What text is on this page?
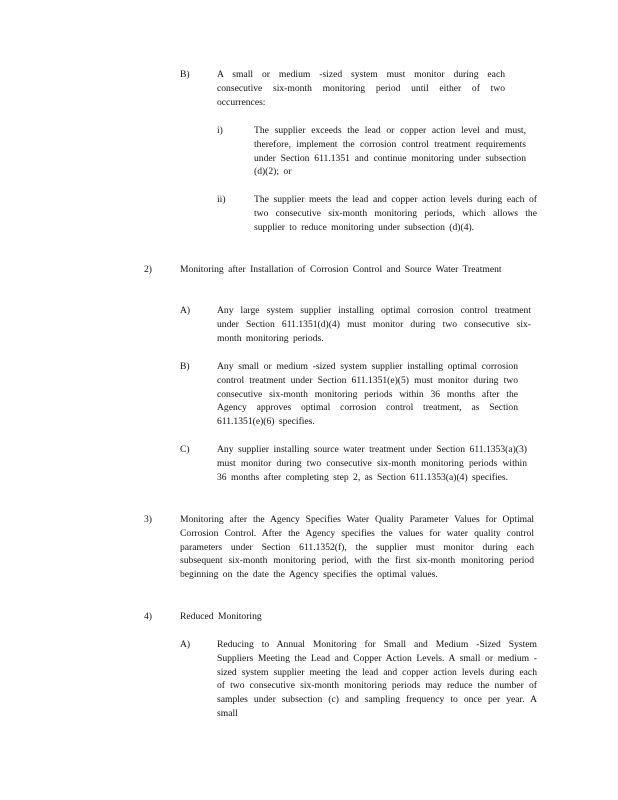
B)	A small or medium -sized system must monitor during each consecutive six-month monitoring period until either of two occurrences:
i)	The supplier exceeds the lead or copper action level and must, therefore, implement the corrosion control treatment requirements under Section 611.1351 and continue monitoring under subsection (d)(2); or
ii)	The supplier meets the lead and copper action levels during each of two consecutive six-month monitoring periods, which allows the supplier to reduce monitoring under subsection (d)(4).
2)	Monitoring after Installation of Corrosion Control and Source Water Treatment
A)	Any large system supplier installing optimal corrosion control treatment under Section 611.1351(d)(4) must monitor during two consecutive six-month monitoring periods.
B)	Any small or medium -sized system supplier installing optimal corrosion control treatment under Section 611.1351(e)(5) must monitor during two consecutive six-month monitoring periods within 36 months after the Agency approves optimal corrosion control treatment, as Section 611.1351(e)(6) specifies.
C)	Any supplier installing source water treatment under Section 611.1353(a)(3) must monitor during two consecutive six-month monitoring periods within 36 months after completing step 2, as Section 611.1353(a)(4) specifies.
3)	Monitoring after the Agency Specifies Water Quality Parameter Values for Optimal Corrosion Control. After the Agency specifies the values for water quality control parameters under Section 611.1352(f), the supplier must monitor during each subsequent six-month monitoring period, with the first six-month monitoring period beginning on the date the Agency specifies the optimal values.
4)	Reduced Monitoring
A)	Reducing to Annual Monitoring for Small and Medium -Sized System Suppliers Meeting the Lead and Copper Action Levels. A small or medium -sized system supplier meeting the lead and copper action levels during each of two consecutive six-month monitoring periods may reduce the number of samples under subsection (c) and sampling frequency to once per year. A small
